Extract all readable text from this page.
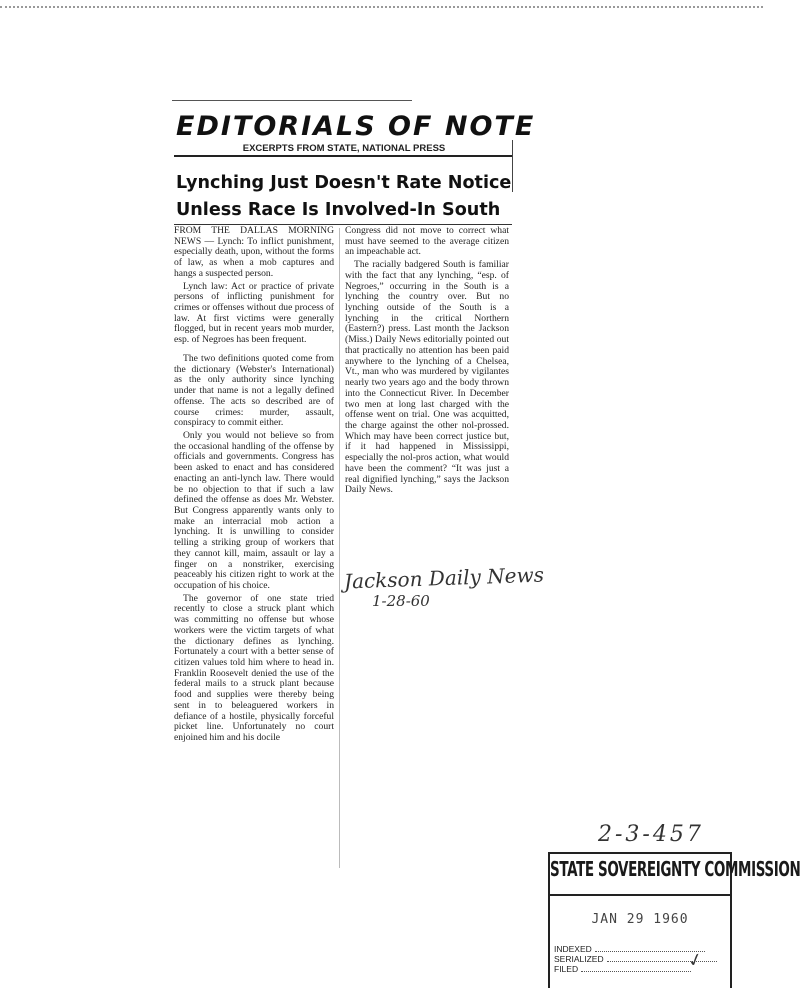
EDITORIALS OF NOTE
EXCERPTS FROM STATE, NATIONAL PRESS
Lynching Just Doesn't Rate Notice
Unless Race Is Involved-In South

FROM THE DALLAS MORNING NEWS — Lynch: To inflict punishment, especially death, upon, without the forms of law, as when a mob captures and hangs a suspected person.

Lynch law: Act or practice of private persons of inflicting punishment for crimes or offenses without due process of law. At first victims were generally flogged, but in recent years mob murder, esp. of Negroes has been frequent.

The two definitions quoted come from the dictionary (Webster's International) as the only authority since lynching under that name is not a legally defined offense. The acts so described are of course crimes: murder, assault, conspiracy to commit either.

Only you would not believe so from the occasional handling of the offense by officials and governments. Congress has been asked to enact and has considered enacting an anti-lynch law. There would be no objection to that if such a law defined the offense as does Mr. Webster. But Congress apparently wants only to make an interracial mob action a lynching. It is unwilling to consider telling a striking group of workers that they cannot kill, maim, assault or lay a finger on a nonstriker, exercising peaceably his citizen right to work at the occupation of his choice.

The governor of one state tried recently to close a struck plant which was committing no offense but whose workers were the victim targets of what the dictionary defines as lynching. Fortunately a court with a better sense of citizen values told him where to head in. Franklin Roosevelt denied the use of the federal mails to a struck plant because food and supplies were thereby being sent in to beleaguered workers in defiance of a hostile, physically forceful picket line. Unfortunately no court enjoined him and his docile

Congress did not move to correct what must have seemed to the average citizen an impeachable act.

The racially badgered South is familiar with the fact that any lynching, “esp. of Negroes,” occurring in the South is a lynching the country over. But no lynching outside of the South is a lynching in the critical Northern (Eastern?) press. Last month the Jackson (Miss.) Daily News editorially pointed out that practically no attention has been paid anywhere to the lynching of a Chelsea, Vt., man who was murdered by vigilantes nearly two years ago and the body thrown into the Connecticut River. In December two men at long last charged with the offense went on trial. One was acquitted, the charge against the other nol-prossed. Which may have been correct justice but, if it had happened in Mississippi, especially the nol-pros action, what would have been the comment? “It was just a real dignified lynching,” says the Jackson Daily News.

Jackson Daily News
1-28-60
2-3-457
STATE SOVEREIGNTY COMMISSION
JAN 29 1960
INDEXED
SERIALIZED
FILED	✓
